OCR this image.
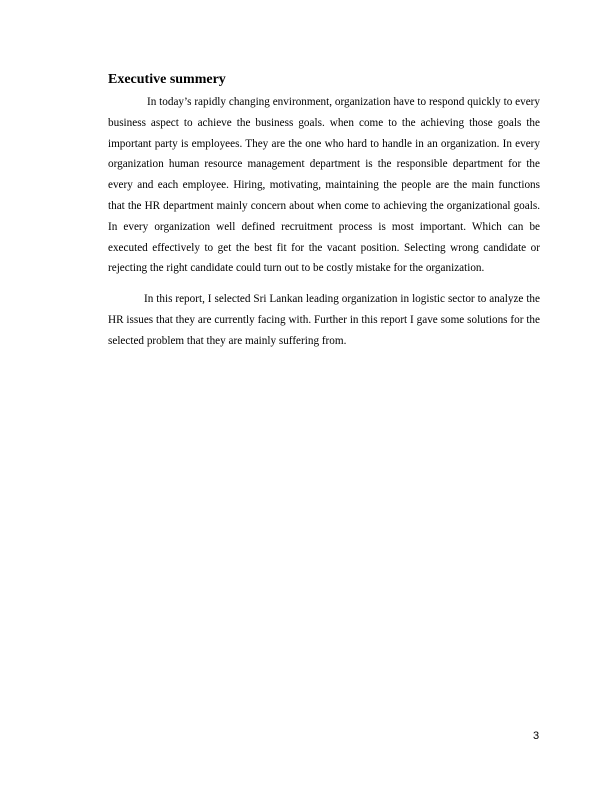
Executive summery

In today’s rapidly changing environment, organization have to respond quickly to every business aspect to achieve the business goals. when come to the achieving those goals the important party is employees. They are the one who hard to handle in an organization. In every organization human resource management department is the responsible department for the every and each employee. Hiring, motivating, maintaining the people are the main functions that the HR department mainly concern about when come to achieving the organizational goals. In every organization well defined recruitment process is most important. Which can be executed effectively to get the best fit for the vacant position. Selecting wrong candidate or rejecting the right candidate could turn out to be costly mistake for the organization.

In this report, I selected Sri Lankan leading organization in logistic sector to analyze the HR issues that they are currently facing with. Further in this report I gave some solutions for the selected problem that they are mainly suffering from.

3
